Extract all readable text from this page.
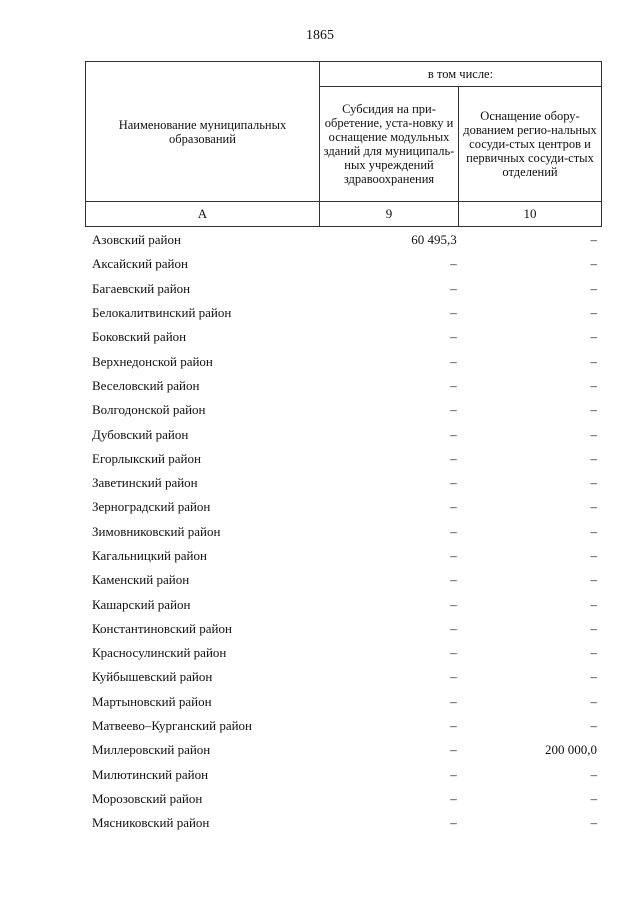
1865
Наименование муниципальных образований	в том числе:	
	Субсидия на при-обретение, уста-новку и оснащение модульных зданий для муниципаль-ных учреждений здравоохранения	Оснащение обору-дованием регио-нальных сосуди-стых центров и первичных сосуди-стых отделений
А	9	10
Азовский район	60 495,3	–
Аксайский район	–	–
Багаевский район	–	–
Белокалитвинский район	–	–
Боковский район	–	–
Верхнедонской район	–	–
Веселовский район	–	–
Волгодонской район	–	–
Дубовский район	–	–
Егорлыкский район	–	–
Заветинский район	–	–
Зерноградский район	–	–
Зимовниковский район	–	–
Кагальницкий район	–	–
Каменский район	–	–
Кашарский район	–	–
Константиновский район	–	–
Красносулинский район	–	–
Куйбышевский район	–	–
Мартыновский район	–	–
Матвеево–Курганский район	–	–
Миллеровский район	–	200 000,0
Милютинский район	–	–
Морозовский район	–	–
Мясниковский район	–	–
